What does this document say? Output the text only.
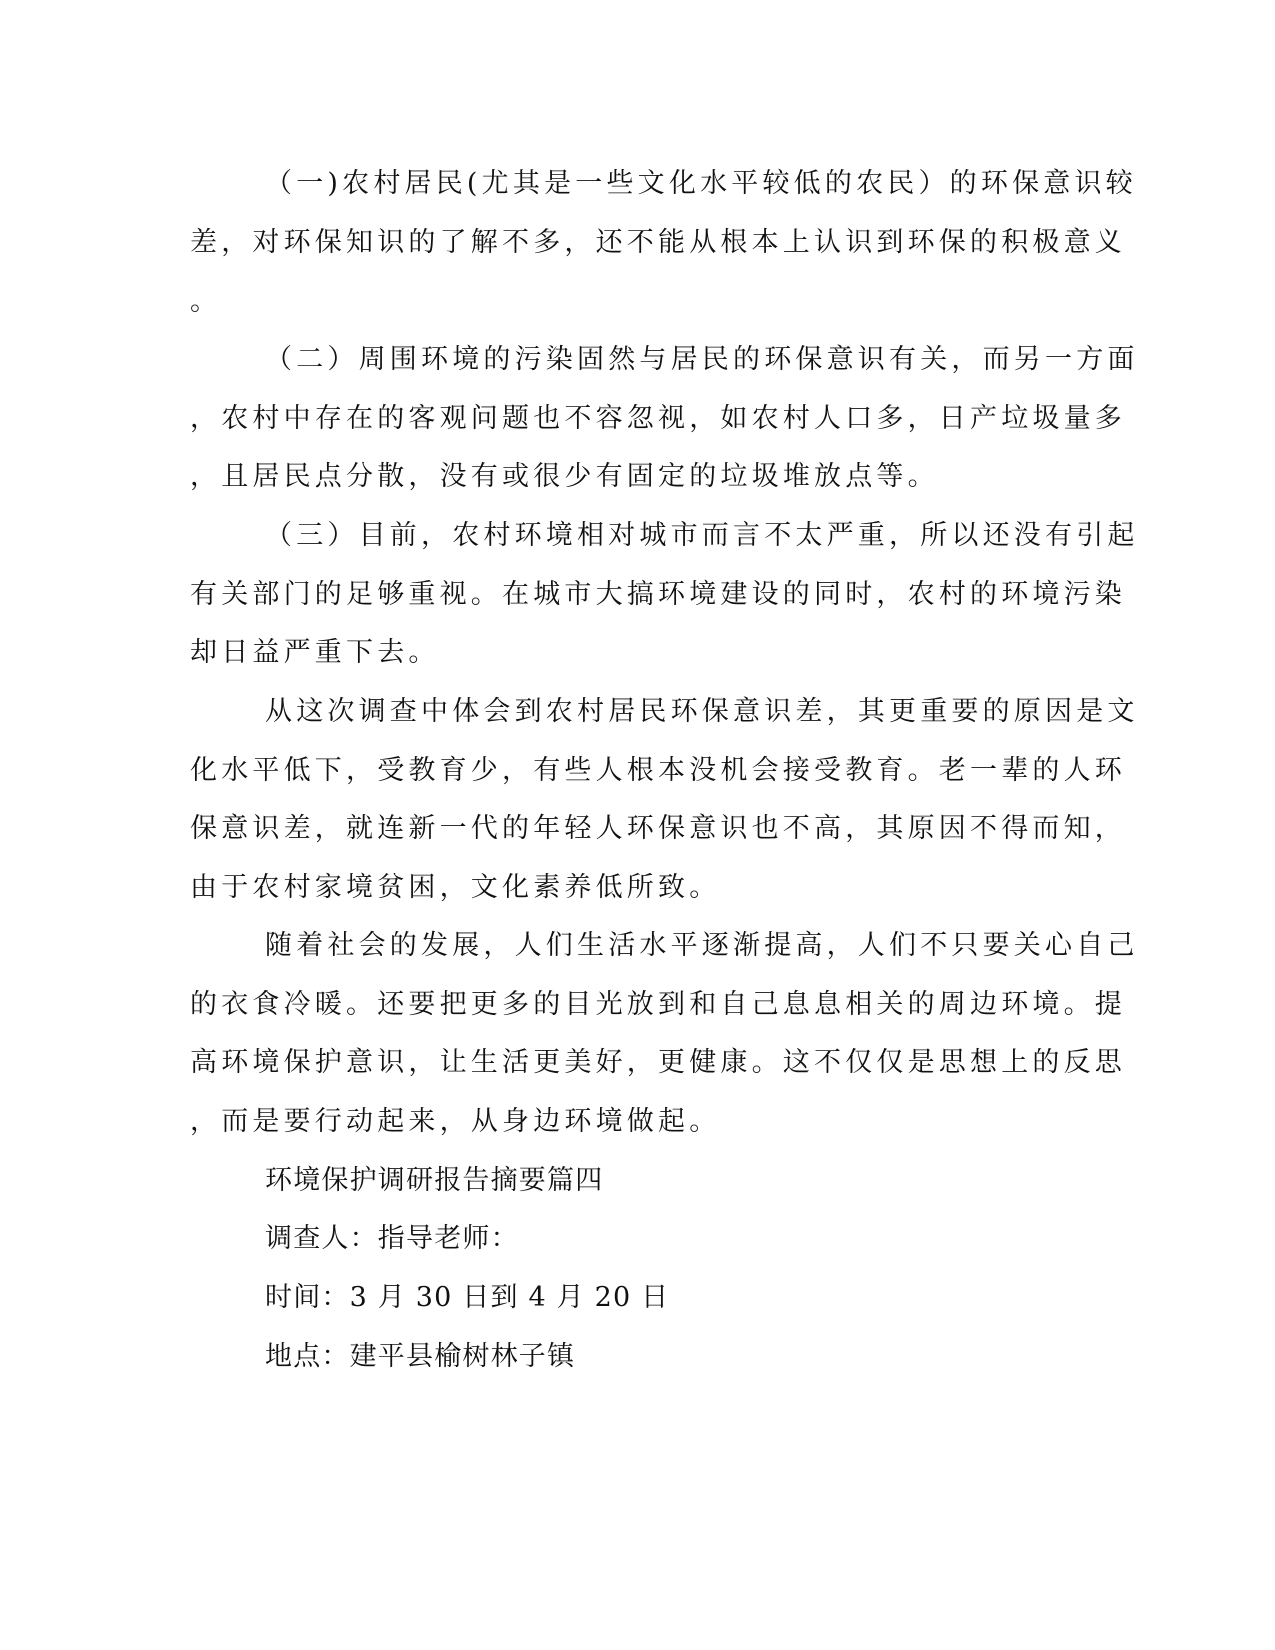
（一)农村居民(尤其是一些文化水平较低的农民）的环保意识较
差，对环保知识的了解不多，还不能从根本上认识到环保的积极意义
。
（二）周围环境的污染固然与居民的环保意识有关，而另一方面
，农村中存在的客观问题也不容忽视，如农村人口多，日产垃圾量多
，且居民点分散，没有或很少有固定的垃圾堆放点等。
（三）目前，农村环境相对城市而言不太严重，所以还没有引起
有关部门的足够重视。在城市大搞环境建设的同时，农村的环境污染
却日益严重下去。
从这次调查中体会到农村居民环保意识差，其更重要的原因是文
化水平低下，受教育少，有些人根本没机会接受教育。老一辈的人环
保意识差，就连新一代的年轻人环保意识也不高，其原因不得而知，
由于农村家境贫困，文化素养低所致。
随着社会的发展，人们生活水平逐渐提高，人们不只要关心自己
的衣食冷暖。还要把更多的目光放到和自己息息相关的周边环境。提
高环境保护意识，让生活更美好，更健康。这不仅仅是思想上的反思
，而是要行动起来，从身边环境做起。
环境保护调研报告摘要篇四
调查人：指导老师：
时间：3 月 30 日到 4 月 20 日
地点：建平县榆树林子镇
